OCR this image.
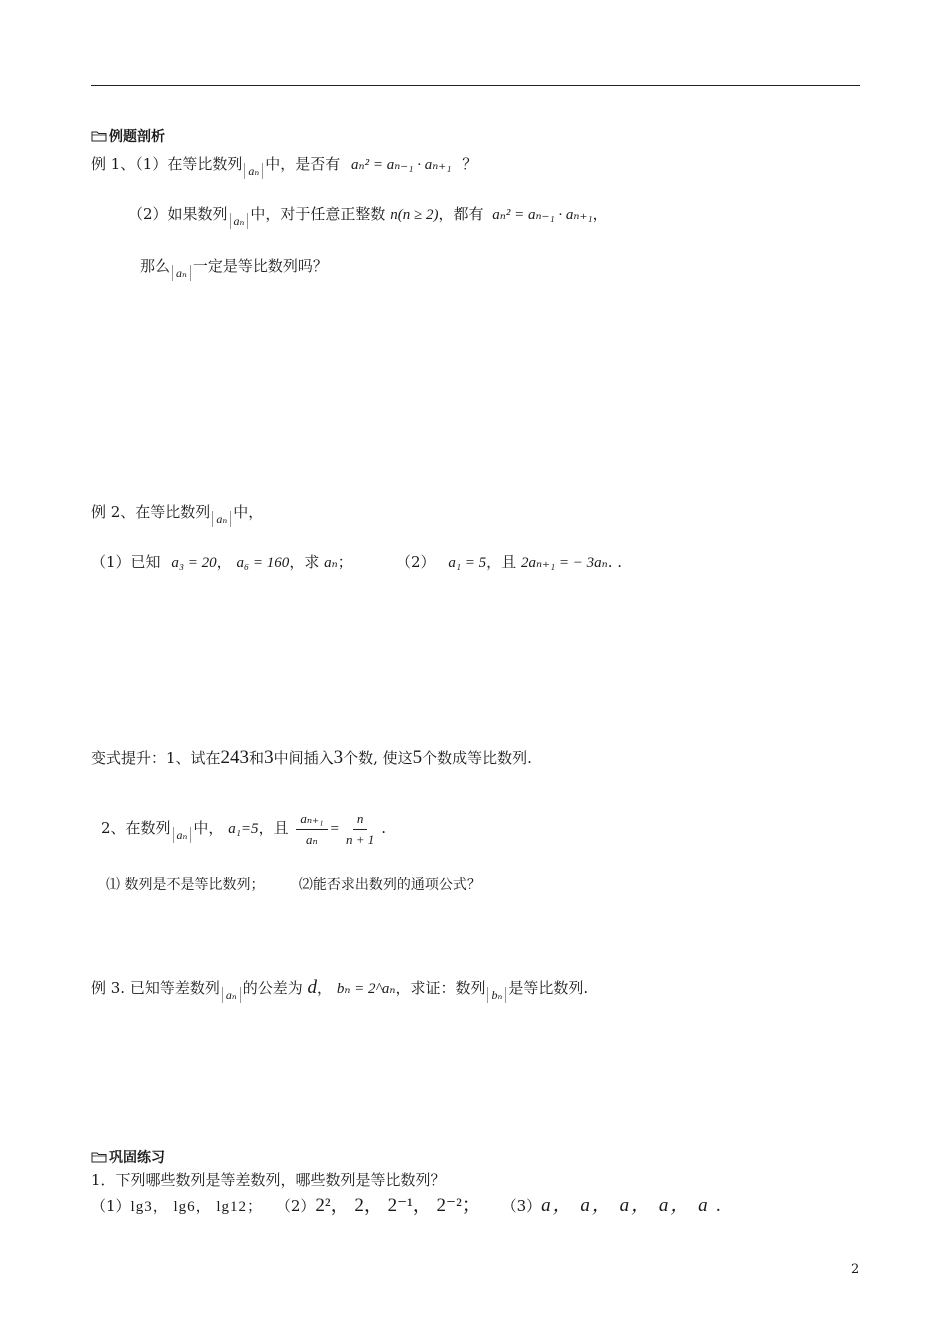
例题剖析
例 1、（1）在等比数列 aₙ 中，是否有 aₙ² = aₙ₋₁ · aₙ₊₁ ？
（2）如果数列 aₙ 中，对于任意正整数 n(n ≥ 2)，都有 aₙ² = aₙ₋₁ · aₙ₊₁，
那么 aₙ 一定是等比数列吗？
例 2、在等比数列 aₙ 中，
（1）已知 a₃ = 20， a₆ = 160，求 aₙ；	（2） a₁ = 5，且 2aₙ₊₁ = − 3aₙ. .
变式提升：1、试在243和3中间插入3个数, 使这5个数成等比数列.
2、在数列 aₙ 中， a₁=5，且 $\frac{\text{aₙ₊₁}}{\text{aₙ}} = \frac{n}{n + 1}$ .
⑴ 数列是不是等比数列； ⑵能否求出数列的通项公式？
例 3. 已知等差数列 aₙ 的公差为 d， bₙ = 2^aₙ，求证：数列 bₙ 是等比数列.
巩固练习
1．下列哪些数列是等差数列，哪些数列是等比数列？
（1）lg3， lg6， lg12； （2）2²， 2， 2⁻¹， 2⁻²； （3）a， a， a， a， a .
2
